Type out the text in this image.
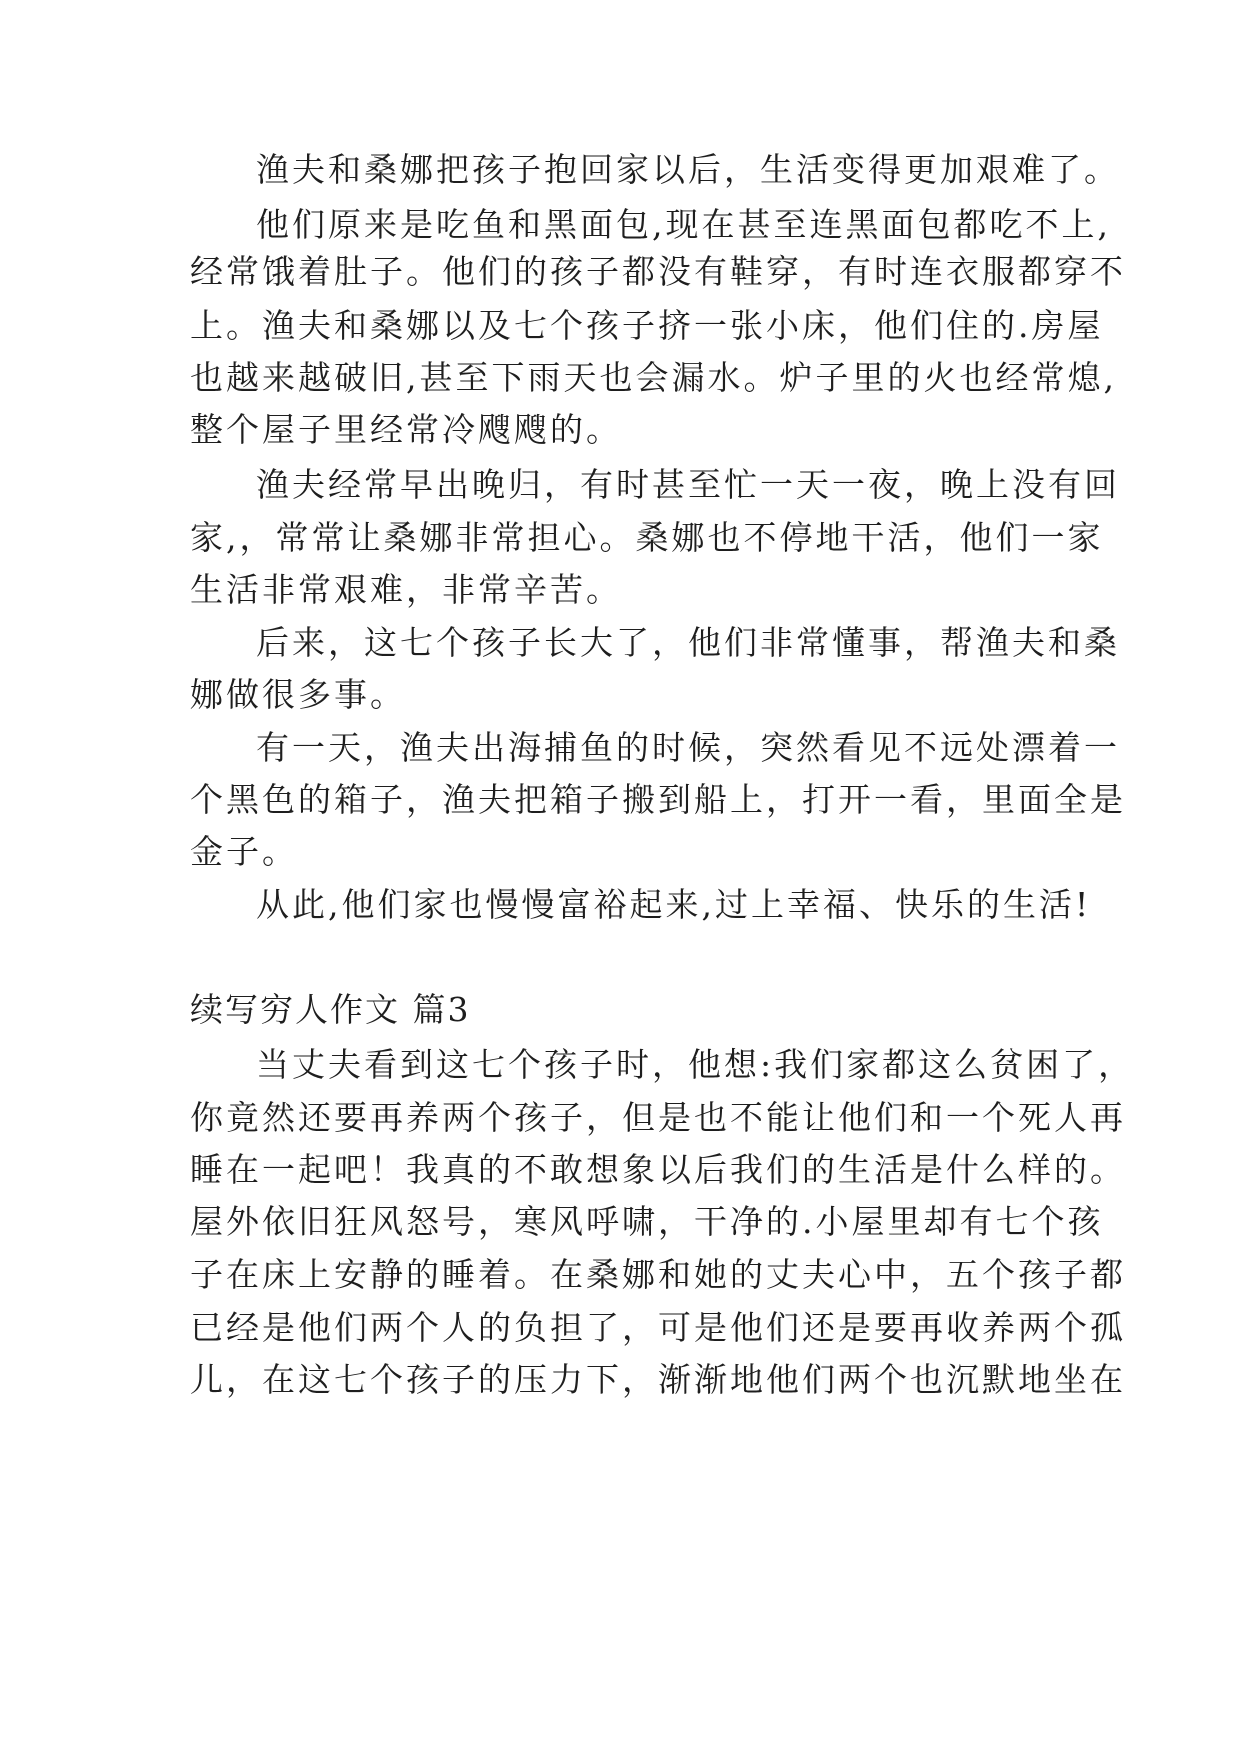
渔夫和桑娜把孩子抱回家以后，生活变得更加艰难了。
他们原来是吃鱼和黑面包,现在甚至连黑面包都吃不上,
经常饿着肚子。他们的孩子都没有鞋穿，有时连衣服都穿不
上。渔夫和桑娜以及七个孩子挤一张小床，他们住的.房屋
也越来越破旧,甚至下雨天也会漏水。炉子里的火也经常熄,
整个屋子里经常冷飕飕的。
渔夫经常早出晚归，有时甚至忙一天一夜，晚上没有回
家,，常常让桑娜非常担心。桑娜也不停地干活，他们一家
生活非常艰难，非常辛苦。
后来，这七个孩子长大了，他们非常懂事，帮渔夫和桑
娜做很多事。
有一天，渔夫出海捕鱼的时候，突然看见不远处漂着一
个黑色的箱子，渔夫把箱子搬到船上，打开一看，里面全是
金子。
从此,他们家也慢慢富裕起来,过上幸福、快乐的生活!
续写穷人作文 篇3
当丈夫看到这七个孩子时，他想:我们家都这么贫困了，
你竟然还要再养两个孩子，但是也不能让他们和一个死人再
睡在一起吧！我真的不敢想象以后我们的生活是什么样的。
屋外依旧狂风怒号，寒风呼啸，干净的.小屋里却有七个孩
子在床上安静的睡着。在桑娜和她的丈夫心中，五个孩子都
已经是他们两个人的负担了，可是他们还是要再收养两个孤
儿，在这七个孩子的压力下，渐渐地他们两个也沉默地坐在
